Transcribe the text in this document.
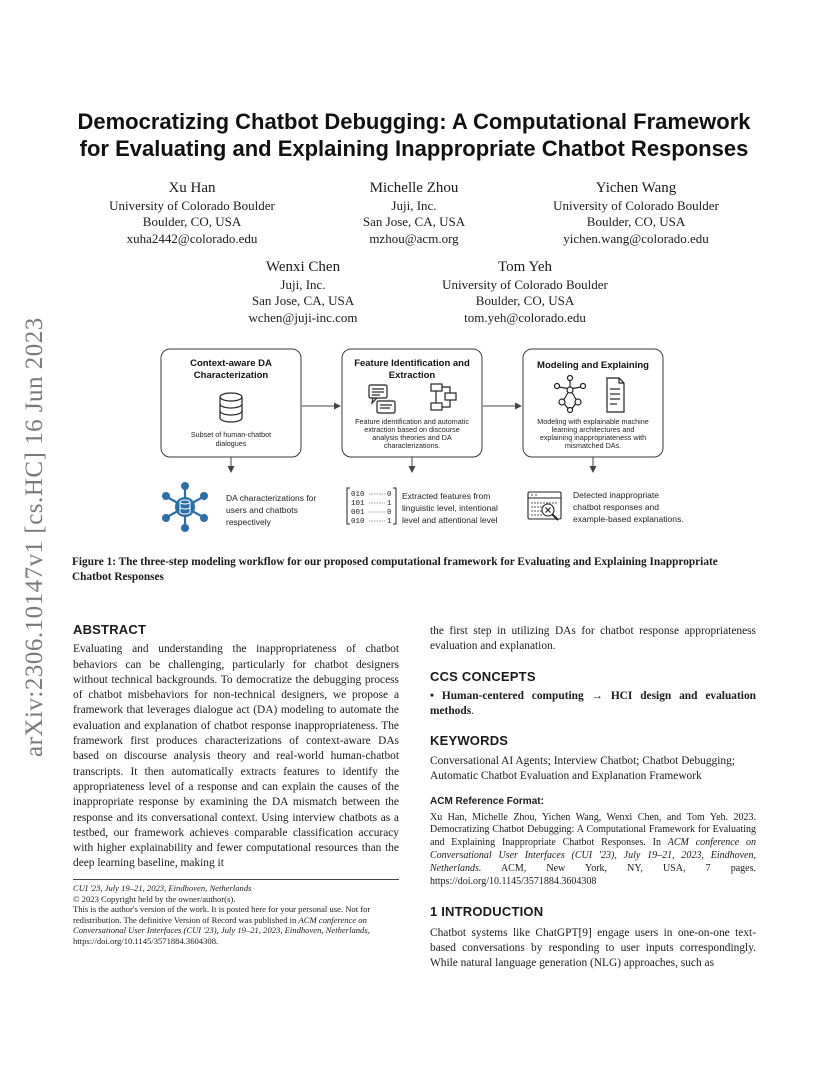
arXiv:2306.10147v1 [cs.HC] 16 Jun 2023
Democratizing Chatbot Debugging: A Computational Framework
for Evaluating and Explaining Inappropriate Chatbot Responses
Xu Han
University of Colorado Boulder
Boulder, CO, USA
xuha2442@colorado.edu
Michelle Zhou
Juji, Inc.
San Jose, CA, USA
mzhou@acm.org
Yichen Wang
University of Colorado Boulder
Boulder, CO, USA
yichen.wang@colorado.edu
Wenxi Chen
Juji, Inc.
San Jose, CA, USA
wchen@juji-inc.com
Tom Yeh
University of Colorado Boulder
Boulder, CO, USA
tom.yeh@colorado.edu
Context-aware DA
Characterization
Subset of human-chatbot
dialogues
Feature Identification and
Extraction
Feature identification and automatic
extraction based on discourse
analysis theories and DA
characterizations.
Modeling and Explaining
Modeling with explainable machine
learning architectures and
explaining inappropriateness with
mismatched DAs.
DA characterizations for
users and chatbots
respectively
010
101
001
010
0
1
0
1
Extracted features from
linguistic level, intentional
level and attentional level
Detected inappropriate
chatbot responses and
example-based explanations.

Figure 1: The three-step modeling workflow for our proposed computational framework for Evaluating and Explaining Inappropriate Chatbot Responses

ABSTRACT

Evaluating and understanding the inappropriateness of chatbot behaviors can be challenging, particularly for chatbot designers without technical backgrounds. To democratize the debugging process of chatbot misbehaviors for non-technical designers, we propose a framework that leverages dialogue act (DA) modeling to automate the evaluation and explanation of chatbot response inappropriateness. The framework first produces characterizations of context-aware DAs based on discourse analysis theory and real-world human-chatbot transcripts. It then automatically extracts features to identify the appropriateness level of a response and can explain the causes of the inappropriate response by examining the DA mismatch between the response and its conversational context. Using interview chatbots as a testbed, our framework achieves comparable classification accuracy with higher explainability and fewer computational resources than the deep learning baseline, making it

CUI '23, July 19–21, 2023, Eindhoven, Netherlands
© 2023 Copyright held by the owner/author(s).
This is the author's version of the work. It is posted here for your personal use. Not for redistribution. The definitive Version of Record was published in ACM conference on Conversational User Interfaces (CUI '23), July 19–21, 2023, Eindhoven, Netherlands, https://doi.org/10.1145/3571884.3604308.

the first step in utilizing DAs for chatbot response appropriateness evaluation and explanation.

CCS CONCEPTS

• Human-centered computing → HCI design and evaluation methods.

KEYWORDS

Conversational AI Agents; Interview Chatbot; Chatbot Debugging; Automatic Chatbot Evaluation and Explanation Framework

ACM Reference Format:

Xu Han, Michelle Zhou, Yichen Wang, Wenxi Chen, and Tom Yeh. 2023. Democratizing Chatbot Debugging: A Computational Framework for Evaluating and Explaining Inappropriate Chatbot Responses. In ACM conference on Conversational User Interfaces (CUI '23), July 19–21, 2023, Eindhoven, Netherlands. ACM, New York, NY, USA, 7 pages. https://doi.org/10.1145/3571884.3604308

1 INTRODUCTION

Chatbot systems like ChatGPT[9] engage users in one-on-one text-based conversations by responding to user inputs correspondingly. While natural language generation (NLG) approaches, such as
